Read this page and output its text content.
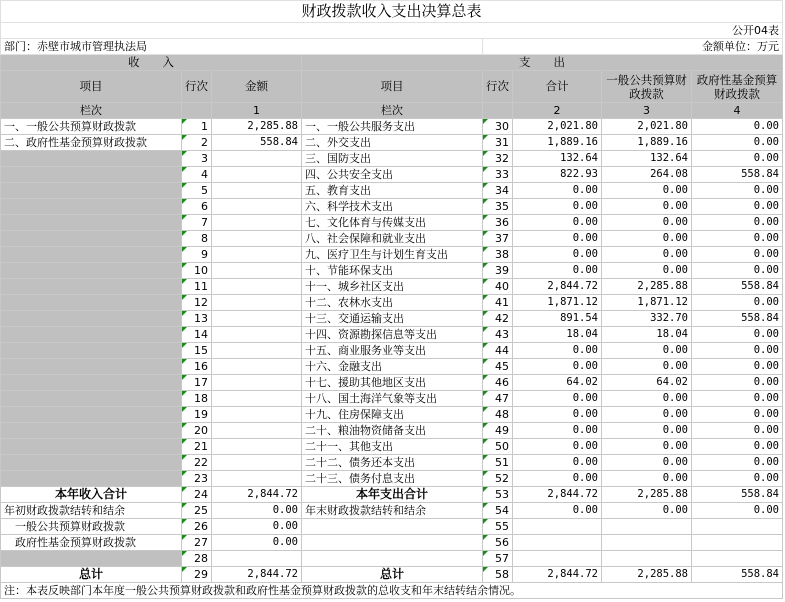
财政拨款收入支出决算总表							
公开04表							
部门：赤壁市城市管理执法局				金额单位：万元			
收　　入			支　　出				
项目	行次	金额	项目	行次	合计	一般公共预算财政拨款	政府性基金预算财政拨款
栏次		1	栏次		2	3	4
一、一般公共预算财政拨款	1	2,285.88	一、一般公共服务支出	30	2,021.80	2,021.80	0.00
二、政府性基金预算财政拨款	2	558.84	二、外交支出	31	1,889.16	1,889.16	0.00
	3		三、国防支出	32	132.64	132.64	0.00
	4		四、公共安全支出	33	822.93	264.08	558.84
	5		五、教育支出	34	0.00	0.00	0.00
	6		六、科学技术支出	35	0.00	0.00	0.00
	7		七、文化体育与传媒支出	36	0.00	0.00	0.00
	8		八、社会保障和就业支出	37	0.00	0.00	0.00
	9		九、医疗卫生与计划生育支出	38	0.00	0.00	0.00
	10		十、节能环保支出	39	0.00	0.00	0.00
	11		十一、城乡社区支出	40	2,844.72	2,285.88	558.84
	12		十二、农林水支出	41	1,871.12	1,871.12	0.00
	13		十三、交通运输支出	42	891.54	332.70	558.84
	14		十四、资源勘探信息等支出	43	18.04	18.04	0.00
	15		十五、商业服务业等支出	44	0.00	0.00	0.00
	16		十六、金融支出	45	0.00	0.00	0.00
	17		十七、援助其他地区支出	46	64.02	64.02	0.00
	18		十八、国土海洋气象等支出	47	0.00	0.00	0.00
	19		十九、住房保障支出	48	0.00	0.00	0.00
	20		二十、粮油物资储备支出	49	0.00	0.00	0.00
	21		二十一、其他支出	50	0.00	0.00	0.00
	22		二十二、债务还本支出	51	0.00	0.00	0.00
	23		二十三、债务付息支出	52	0.00	0.00	0.00
本年收入合计	24	2,844.72	本年支出合计	53	2,844.72	2,285.88	558.84
年初财政拨款结转和结余	25	0.00	年末财政拨款结转和结余	54	0.00	0.00	0.00
　一般公共预算财政拨款	26	0.00		55			
　政府性基金预算财政拨款	27	0.00		56			
	28			57			
总计	29	2,844.72	总计	58	2,844.72	2,285.88	558.84
注：本表反映部门本年度一般公共预算财政拨款和政府性基金预算财政拨款的总收支和年末结转结余情况。							
